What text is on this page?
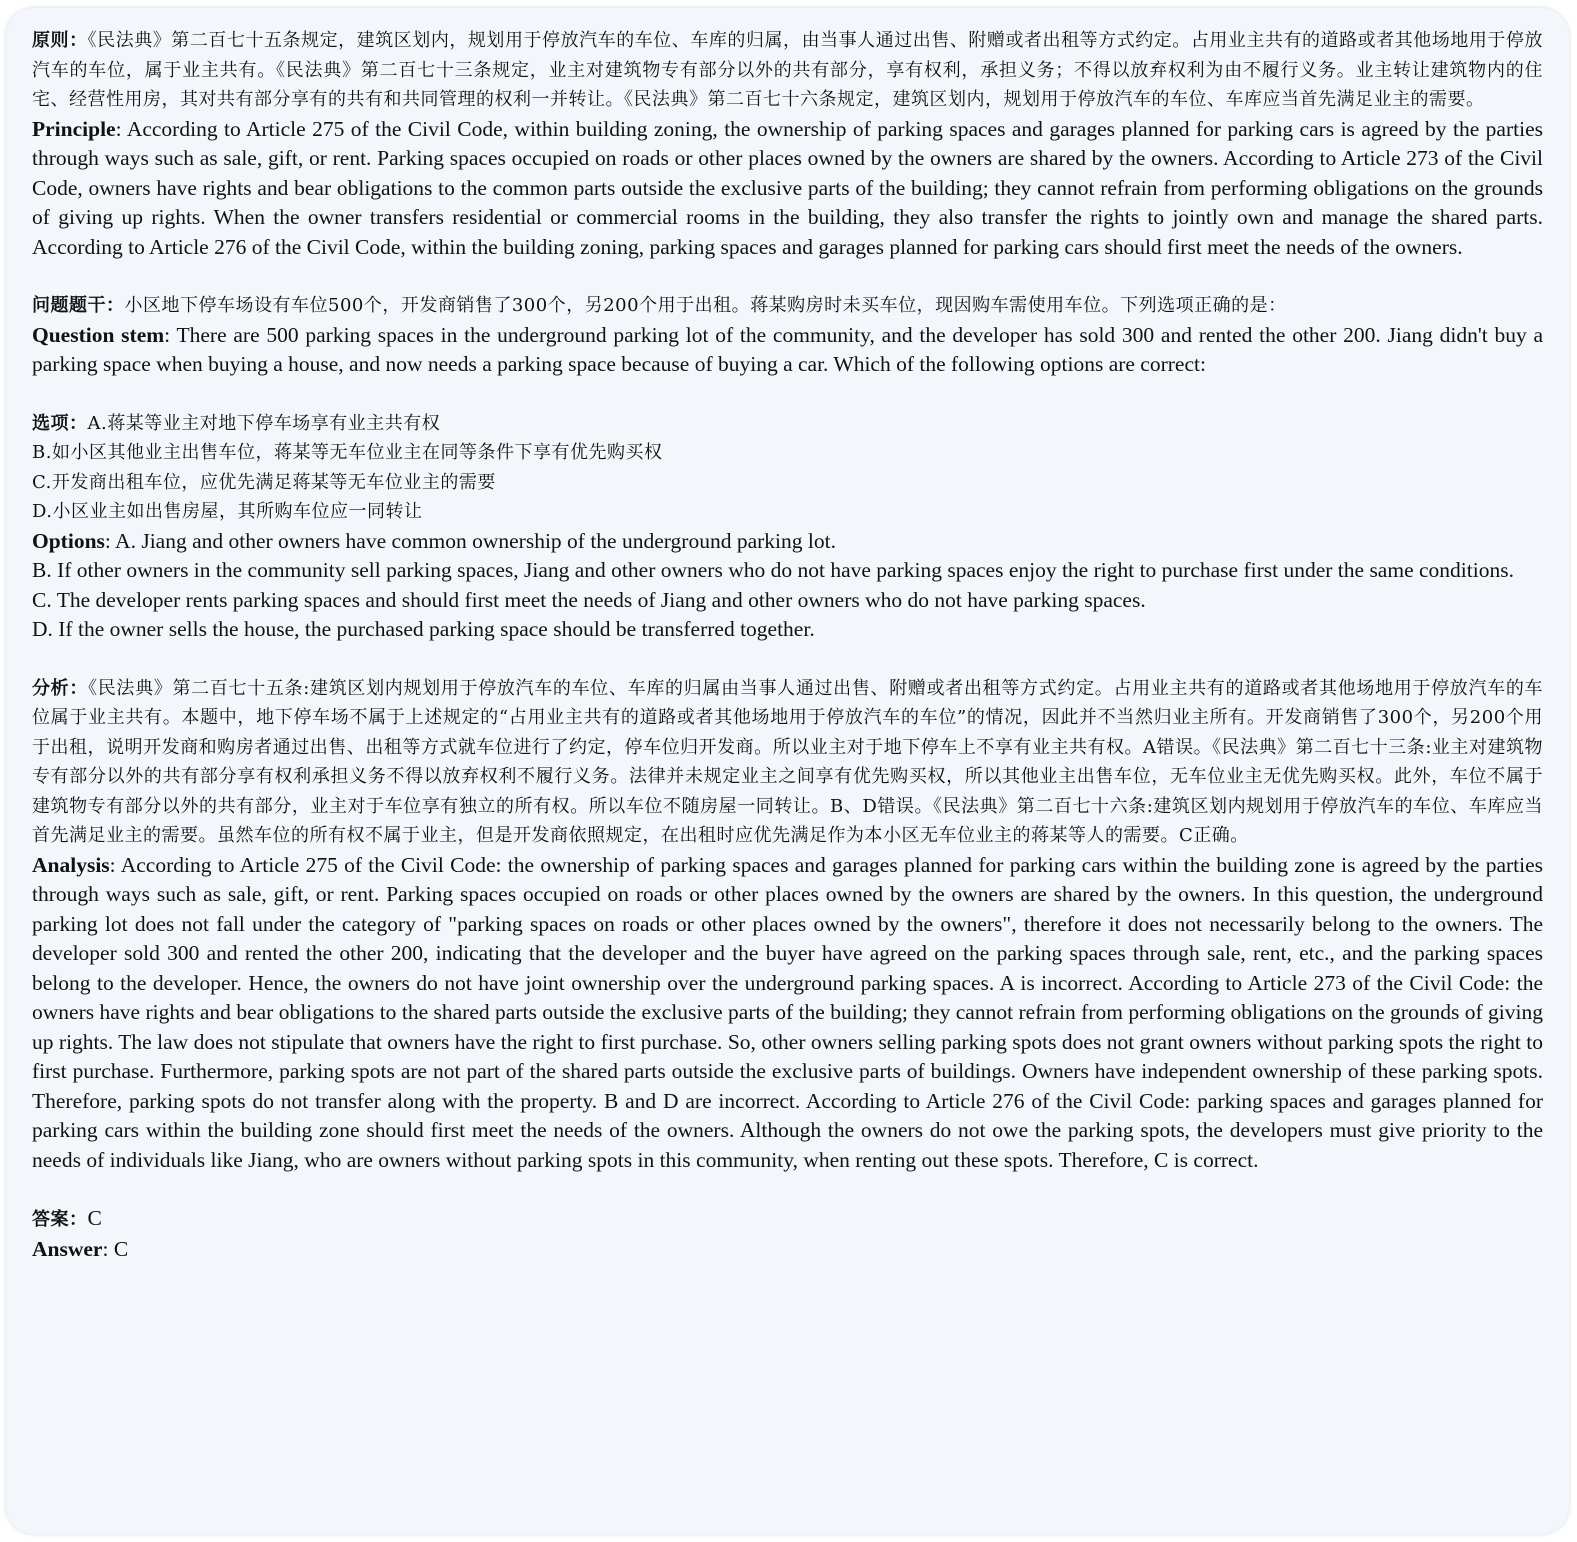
原则：《民法典》第二百七十五条规定，建筑区划内，规划用于停放汽车的车位、车库的归属，由当事人通过出售、附赠或者出租等方式约定。占用业主共有的道路或者其他场地用于停放汽车的车位，属于业主共有。《民法典》第二百七十三条规定，业主对建筑物专有部分以外的共有部分，享有权利，承担义务；不得以放弃权利为由不履行义务。业主转让建筑物内的住宅、经营性用房，其对共有部分享有的共有和共同管理的权利一并转让。《民法典》第二百七十六条规定，建筑区划内，规划用于停放汽车的车位、车库应当首先满足业主的需要。

Principle: According to Article 275 of the Civil Code, within building zoning, the ownership of parking spaces and garages planned for parking cars is agreed by the parties through ways such as sale, gift, or rent. Parking spaces occupied on roads or other places owned by the owners are shared by the owners. According to Article 273 of the Civil Code, owners have rights and bear obligations to the common parts outside the exclusive parts of the building; they cannot refrain from performing obligations on the grounds of giving up rights. When the owner transfers residential or commercial rooms in the building, they also transfer the rights to jointly own and manage the shared parts. According to Article 276 of the Civil Code, within the building zoning, parking spaces and garages planned for parking cars should first meet the needs of the owners.

问题题干：小区地下停车场设有车位500个，开发商销售了300个，另200个用于出租。蒋某购房时未买车位，现因购车需使用车位。下列选项正确的是：

Question stem: There are 500 parking spaces in the underground parking lot of the community, and the developer has sold 300 and rented the other 200. Jiang didn't buy a parking space when buying a house, and now needs a parking space because of buying a car. Which of the following options are correct:

选项：A.蒋某等业主对地下停车场享有业主共有权
B.如小区其他业主出售车位，蒋某等无车位业主在同等条件下享有优先购买权
C.开发商出租车位，应优先满足蒋某等无车位业主的需要
D.小区业主如出售房屋，其所购车位应一同转让
Options: A. Jiang and other owners have common ownership of the underground parking lot.
B. If other owners in the community sell parking spaces, Jiang and other owners who do not have parking spaces enjoy the right to purchase first under the same conditions.
C. The developer rents parking spaces and should first meet the needs of Jiang and other owners who do not have parking spaces.
D. If the owner sells the house, the purchased parking space should be transferred together.

分析：《民法典》第二百七十五条:建筑区划内规划用于停放汽车的车位、车库的归属由当事人通过出售、附赠或者出租等方式约定。占用业主共有的道路或者其他场地用于停放汽车的车位属于业主共有。本题中，地下停车场不属于上述规定的“占用业主共有的道路或者其他场地用于停放汽车的车位”的情况，因此并不当然归业主所有。开发商销售了300个，另200个用于出租，说明开发商和购房者通过出售、出租等方式就车位进行了约定，停车位归开发商。所以业主对于地下停车上不享有业主共有权。A错误。《民法典》第二百七十三条:业主对建筑物专有部分以外的共有部分享有权利承担义务不得以放弃权利不履行义务。法律并未规定业主之间享有优先购买权，所以其他业主出售车位，无车位业主无优先购买权。此外，车位不属于建筑物专有部分以外的共有部分，业主对于车位享有独立的所有权。所以车位不随房屋一同转让。B、D错误。《民法典》第二百七十六条:建筑区划内规划用于停放汽车的车位、车库应当首先满足业主的需要。虽然车位的所有权不属于业主，但是开发商依照规定，在出租时应优先满足作为本小区无车位业主的蒋某等人的需要。C正确。

Analysis: According to Article 275 of the Civil Code: the ownership of parking spaces and garages planned for parking cars within the building zone is agreed by the parties through ways such as sale, gift, or rent. Parking spaces occupied on roads or other places owned by the owners are shared by the owners. In this question, the underground parking lot does not fall under the category of "parking spaces on roads or other places owned by the owners", therefore it does not necessarily belong to the owners. The developer sold 300 and rented the other 200, indicating that the developer and the buyer have agreed on the parking spaces through sale, rent, etc., and the parking spaces belong to the developer. Hence, the owners do not have joint ownership over the underground parking spaces. A is incorrect. According to Article 273 of the Civil Code: the owners have rights and bear obligations to the shared parts outside the exclusive parts of the building; they cannot refrain from performing obligations on the grounds of giving up rights. The law does not stipulate that owners have the right to first purchase. So, other owners selling parking spots does not grant owners without parking spots the right to first purchase. Furthermore, parking spots are not part of the shared parts outside the exclusive parts of buildings. Owners have independent ownership of these parking spots. Therefore, parking spots do not transfer along with the property. B and D are incorrect. According to Article 276 of the Civil Code: parking spaces and garages planned for parking cars within the building zone should first meet the needs of the owners. Although the owners do not owe the parking spots, the developers must give priority to the needs of individuals like Jiang, who are owners without parking spots in this community, when renting out these spots. Therefore, C is correct.

答案：C

Answer: C
